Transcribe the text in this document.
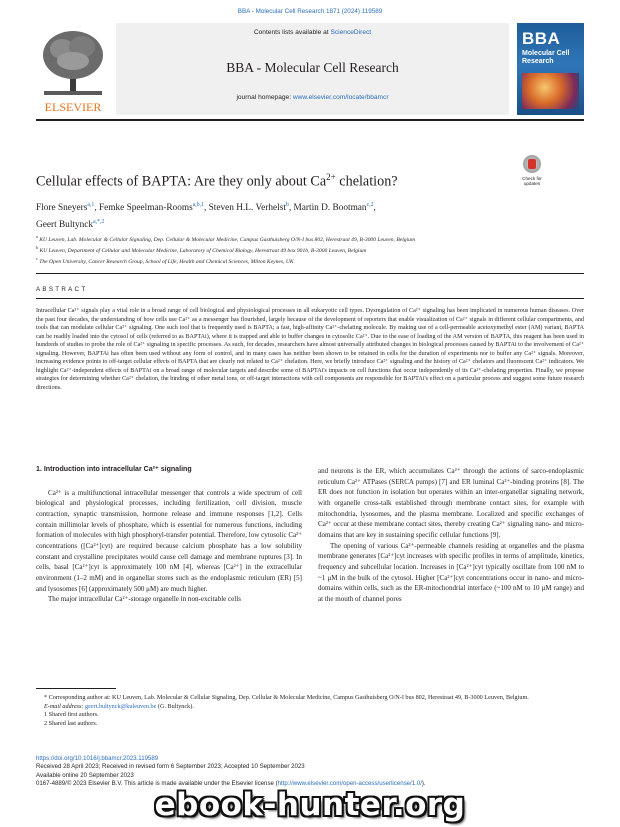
BBA - Molecular Cell Research 1871 (2024) 119589
ELSEVIER
Contents lists available at ScienceDirect
BBA - Molecular Cell Research
journal homepage: www.elsevier.com/locate/bbamcr
BBA
Molecular Cell Research
Cellular effects of BAPTA: Are they only about $Ca^{2+}$ chelation?	Check for updates
Flore Sneyers$^{a,1}$, Femke Speelman-Rooms$^{a,b,1}$, Steven H.L. Verhelst$^b$, Martin D. Bootman$^{c,2}$,
Geert Bultynck$^{a,*,2}$
$^a$ KU Leuven, Lab. Molecular & Cellular Signaling, Dep. Cellular & Molecular Medicine, Campus Gasthuisberg O/N-I bus 802, Herestraat 49, B-3000 Leuven, Belgium
$^b$ KU Leuven, Department of Cellular and Molecular Medicine, Laboratory of Chemical Biology, Herestraat 49 box 901b, B-3000 Leuven, Belgium
$^c$ The Open University, Cancer Research Group, School of Life, Health and Chemical Sciences, Milton Keynes, UK
ABSTRACT
Intracellular Ca²⁺ signals play a vital role in a broad range of cell biological and physiological processes in all eukaryotic cell types. Dysregulation of Ca²⁺ signaling has been implicated in numerous human diseases. Over the past four decades, the understanding of how cells use Ca²⁺ as a messenger has flourished, largely because of the development of reporters that enable visualization of Ca²⁺ signals in different cellular compartments, and tools that can modulate cellular Ca²⁺ signaling. One such tool that is frequently used is BAPTA; a fast, high-affinity Ca²⁺-chelating molecule. By making use of a cell-permeable acetoxymethyl ester (AM) variant, BAPTA can be readily loaded into the cytosol of cells (referred to as BAPTAi), where it is trapped and able to buffer changes in cytosolic Ca²⁺. Due to the ease of loading of the AM version of BAPTA, this reagent has been used in hundreds of studies to probe the role of Ca²⁺ signaling in specific processes. As such, for decades, researchers have almost universally attributed changes in biological processes caused by BAPTAi to the involvement of Ca²⁺ signaling. However, BAPTAi has often been used without any form of control, and in many cases has neither been shown to be retained in cells for the duration of experiments nor to buffer any Ca²⁺ signals. Moreover, increasing evidence points to off-target cellular effects of BAPTA that are clearly not related to Ca²⁺ chelation. Here, we briefly introduce Ca²⁺ signaling and the history of Ca²⁺ chelators and fluorescent Ca²⁺ indicators. We highlight Ca²⁺-independent effects of BAPTAi on a broad range of molecular targets and describe some of BAPTAi's impacts on cell functions that occur independently of its Ca²⁺-chelating properties. Finally, we propose strategies for determining whether Ca²⁺ chelation, the binding of other metal ions, or off-target interactions with cell components are responsible for BAPTAi's effect on a particular process and suggest some future research directions.
1. Introduction into intracellular Ca²⁺ signaling

Ca²⁺ is a multifunctional intracellular messenger that controls a wide spectrum of cell biological and physiological processes, including fertilization, cell division, muscle contraction, synaptic transmission, hormone release and immune responses [1,2]. Cells contain millimolar levels of phosphate, which is essential for numerous functions, including formation of molecules with high phosphoryl-transfer potential. Therefore, low cytosolic Ca²⁺ concentrations ([Ca²⁺]cyt) are required because calcium phosphate has a low solubility constant and crystalline precipitates would cause cell damage and membrane ruptures [3]. In cells, basal [Ca²⁺]cyt is approximately 100 nM [4], whereas [Ca²⁺] in the extracellular environment (1–2 mM) and in organellar stores such as the endoplasmic reticulum (ER) [5] and lysosomes [6] (approximately 500 μM) are much higher.

The major intracellular Ca²⁺-storage organelle in non-excitable cells

and neurons is the ER, which accumulates Ca²⁺ through the actions of sarco-endoplasmic reticulum Ca²⁺ ATPases (SERCA pumps) [7] and ER luminal Ca²⁺-binding proteins [8]. The ER does not function in isolation but operates within an inter-organellar signaling network, with organelle cross-talk established through membrane contact sites, for example with mitochondria, lysosomes, and the plasma membrane. Localized and specific exchanges of Ca²⁺ occur at these membrane contact sites, thereby creating Ca²⁺ signaling nano- and micro-domains that are key in sustaining specific cellular functions [9].

The opening of various Ca²⁺-permeable channels residing at organelles and the plasma membrane generates [Ca²⁺]cyt increases with specific profiles in terms of amplitude, kinetics, frequency and subcellular location. Increases in [Ca²⁺]cyt typically oscillate from 100 nM to ~1 μM in the bulk of the cytosol. Higher [Ca²⁺]cyt concentrations occur in nano- and micro-domains within cells, such as the ER-mitochondrial interface (~100 nM to 10 μM range) and at the mouth of channel pores

* Corresponding author at: KU Leuven, Lab. Molecular & Cellular Signaling, Dep. Cellular & Molecular Medicine, Campus Gasthuisberg O/N-I bus 802, Herestraat 49, B-3000 Leuven, Belgium.
E-mail address: geert.bultynck@kuleuven.be (G. Bultynck).
1 Shared first authors.
2 Shared last authors.
https://doi.org/10.1016/j.bbamcr.2023.119589
Received 28 April 2023; Received in revised form 6 September 2023; Accepted 10 September 2023
Available online 20 September 2023
0167-4889/© 2023 Elsevier B.V. This article is made available under the Elsevier license (http://www.elsevier.com/open-access/userlicense/1.0/).
ebook-hunter.org
